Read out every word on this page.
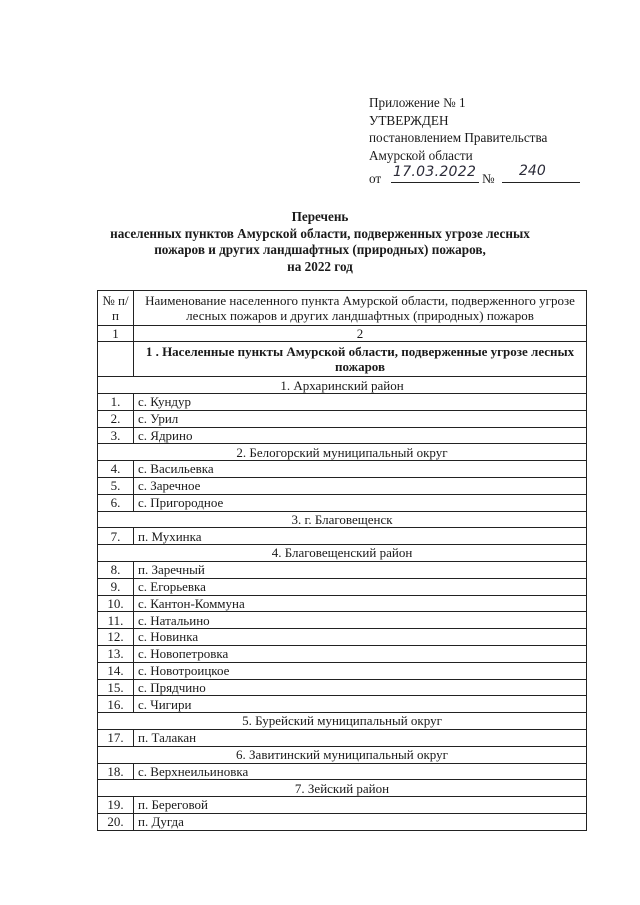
Приложение № 1
УТВЕРЖДЕН
постановлением Правительства
Амурской области
от 17.03.2022 № 240
Перечень
населенных пунктов Амурской области, подверженных угрозе лесных
пожаров и других ландшафтных (природных) пожаров,
на 2022 год
№ п/п	Наименование населенного пункта Амурской области, подверженного угрозе лесных пожаров и других ландшафтных (природных) пожаров
1	2
	1 . Населенные пункты Амурской области, подверженные угрозе лесных пожаров
1. Архаринский район	
1.	с. Кундур
2.	с. Урил
3.	с. Ядрино
2. Белогорский муниципальный округ	
4.	с. Васильевка
5.	с. Заречное
6.	с. Пригородное
3. г. Благовещенск	
7.	п. Мухинка
4. Благовещенский район	
8.	п. Заречный
9.	с. Егорьевка
10.	с. Кантон-Коммуна
11.	с. Натальино
12.	с. Новинка
13.	с. Новопетровка
14.	с. Новотроицкое
15.	с. Прядчино
16.	с. Чигири
5. Бурейский муниципальный округ	
17.	п. Талакан
6. Завитинский муниципальный округ	
18.	с. Верхнеильиновка
7. Зейский район	
19.	п. Береговой
20.	п. Дугда
